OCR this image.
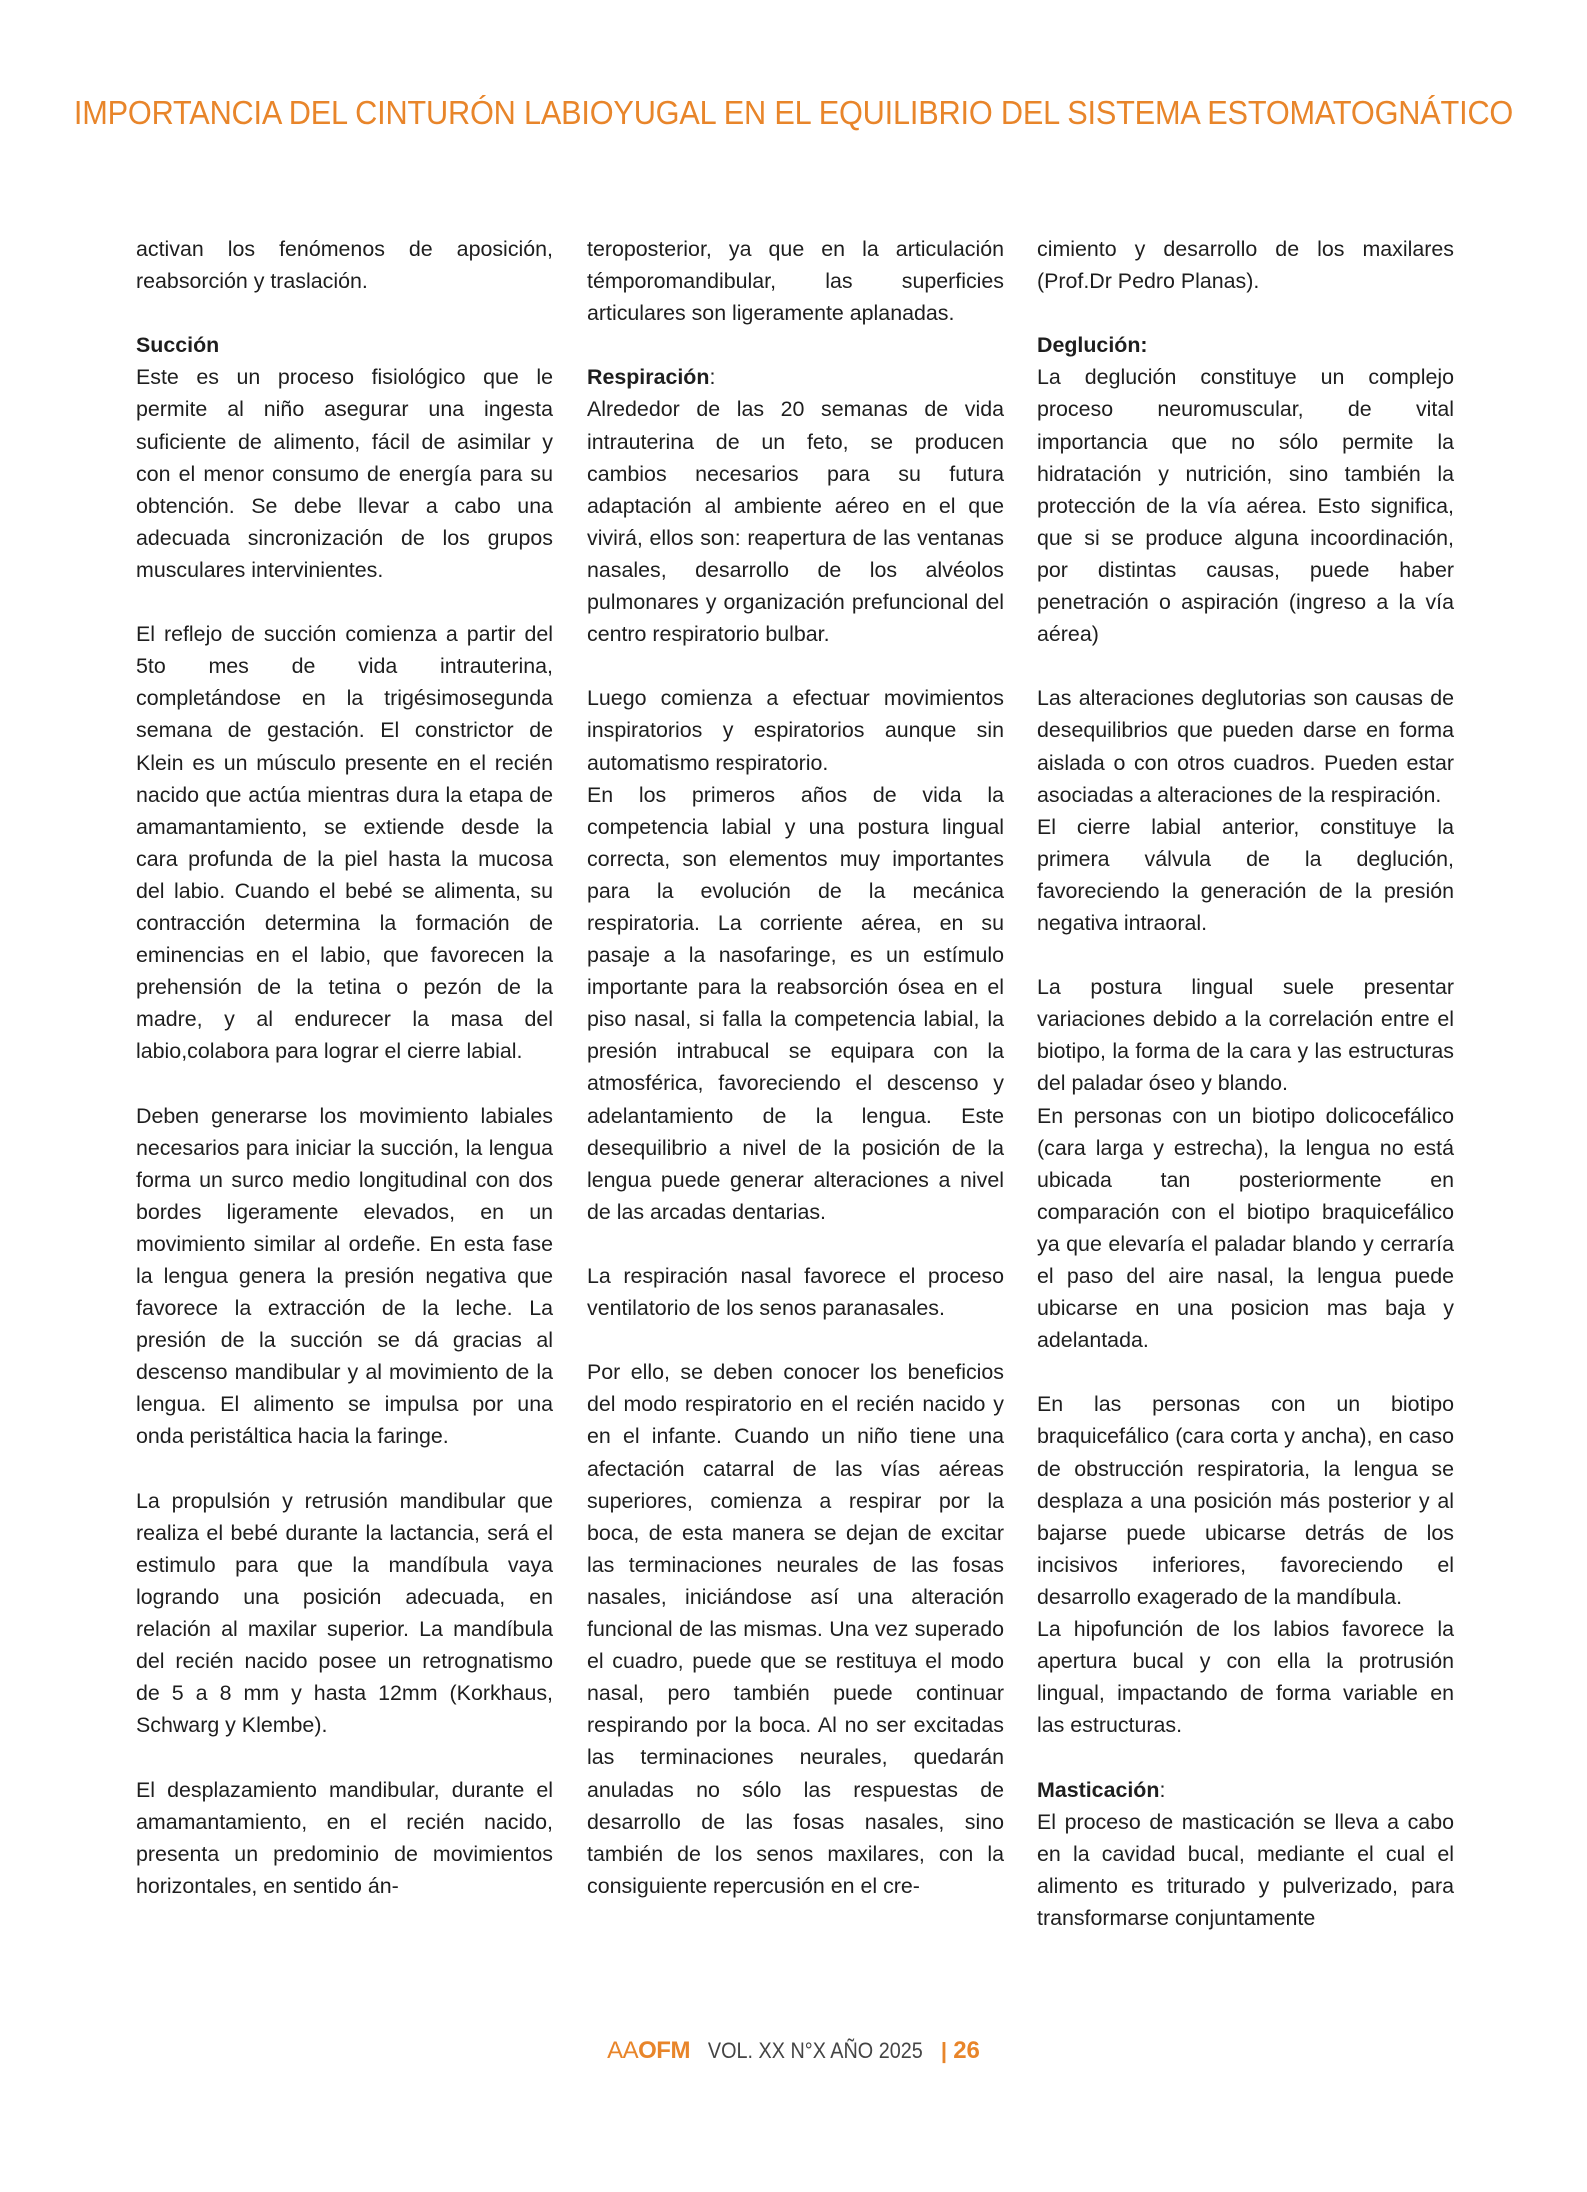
IMPORTANCIA DEL CINTURÓN LABIOYUGAL EN EL EQUILIBRIO DEL SISTEMA ESTOMATOGNÁTICO

activan los fenómenos de aposición, reabsorción y traslación.

Succión

Este es un proceso fisiológico que le permite al niño asegurar una ingesta suficiente de alimento, fácil de asimilar y con el menor consumo de energía para su obtención. Se debe llevar a cabo una adecuada sincronización de los grupos musculares intervinientes.

El reflejo de succión comienza a partir del 5to mes de vida intrauterina, completándose en la trigésimosegunda semana de gestación. El constrictor de Klein es un músculo presente en el recién nacido que actúa mientras dura la etapa de amamantamiento, se extiende desde la cara profunda de la piel hasta la mucosa del labio. Cuando el bebé se alimenta, su contracción determina la formación de eminencias en el labio, que favorecen la prehensión de la tetina o pezón de la madre, y al endurecer la masa del labio,colabora para lograr el cierre labial.

Deben generarse los movimiento labiales necesarios para iniciar la succión, la lengua forma un surco medio longitudinal con dos bordes ligeramente elevados, en un movimiento similar al ordeñe. En esta fase la lengua genera la presión negativa que favorece la extracción de la leche. La presión de la succión se dá gracias al descenso mandibular y al movimiento de la lengua. El alimento se impulsa por una onda peristáltica hacia la faringe.

La propulsión y retrusión mandibular que realiza el bebé durante la lactancia, será el estimulo para que la mandíbula vaya logrando una posición adecuada, en relación al maxilar superior. La mandíbula del recién nacido posee un retrognatismo de 5 a 8 mm y hasta 12mm (Korkhaus, Schwarg y Klembe).

El desplazamiento mandibular, durante el amamantamiento, en el recién nacido, presenta un predominio de movimientos horizontales, en sentido án-

teroposterior, ya que en la articulación témporomandibular, las superficies articulares son ligeramente aplanadas.

Respiración:

Alrededor de las 20 semanas de vida intrauterina de un feto, se producen cambios necesarios para su futura adaptación al ambiente aéreo en el que vivirá, ellos son: reapertura de las ventanas nasales, desarrollo de los alvéolos pulmonares y organización prefuncional del centro respiratorio bulbar.

Luego comienza a efectuar movimientos inspiratorios y espiratorios aunque sin automatismo respiratorio.

En los primeros años de vida la competencia labial y una postura lingual correcta, son elementos muy importantes para la evolución de la mecánica respiratoria. La corriente aérea, en su pasaje a la nasofaringe, es un estímulo importante para la reabsorción ósea en el piso nasal, si falla la competencia labial, la presión intrabucal se equipara con la atmosférica, favoreciendo el descenso y adelantamiento de la lengua. Este desequilibrio a nivel de la posición de la lengua puede generar alteraciones a nivel de las arcadas dentarias.

La respiración nasal favorece el proceso ventilatorio de los senos paranasales.

Por ello, se deben conocer los beneficios del modo respiratorio en el recién nacido y en el infante. Cuando un niño tiene una afectación catarral de las vías aéreas superiores, comienza a respirar por la boca, de esta manera se dejan de excitar las terminaciones neurales de las fosas nasales, iniciándose así una alteración funcional de las mismas. Una vez superado el cuadro, puede que se restituya el modo nasal, pero también puede continuar respirando por la boca. Al no ser excitadas las terminaciones neurales, quedarán anuladas no sólo las respuestas de desarrollo de las fosas nasales, sino también de los senos maxilares, con la consiguiente repercusión en el cre-

cimiento y desarrollo de los maxilares (Prof.Dr Pedro Planas).

Deglución:

La deglución constituye un complejo proceso neuromuscular, de vital importancia que no sólo permite la hidratación y nutrición, sino también la protección de la vía aérea. Esto significa, que si se produce alguna incoordinación, por distintas causas, puede haber penetración o aspiración (ingreso a la vía aérea)

Las alteraciones deglutorias son causas de desequilibrios que pueden darse en forma aislada o con otros cuadros. Pueden estar asociadas a alteraciones de la respiración.

El cierre labial anterior, constituye la primera válvula de la deglución, favoreciendo la generación de la presión negativa intraoral.

La postura lingual suele presentar variaciones debido a la correlación entre el biotipo, la forma de la cara y las estructuras del paladar óseo y blando.

En personas con un biotipo dolicocefálico (cara larga y estrecha), la lengua no está ubicada tan posteriormente en comparación con el biotipo braquicefálico ya que elevaría el paladar blando y cerraría el paso del aire nasal, la lengua puede ubicarse en una posicion mas baja y adelantada.

En las personas con un biotipo braquicefálico (cara corta y ancha), en caso de obstrucción respiratoria, la lengua se desplaza a una posición más posterior y al bajarse puede ubicarse detrás de los incisivos inferiores, favoreciendo el desarrollo exagerado de la mandíbula.

La hipofunción de los labios favorece la apertura bucal y con ella la protrusión lingual, impactando de forma variable en las estructuras.

Masticación:

El proceso de masticación se lleva a cabo en la cavidad bucal, mediante el cual el alimento es triturado y pulverizado, para transformarse conjuntamente

AAOFM VOL. XX N°X AÑO 2025 | 26
